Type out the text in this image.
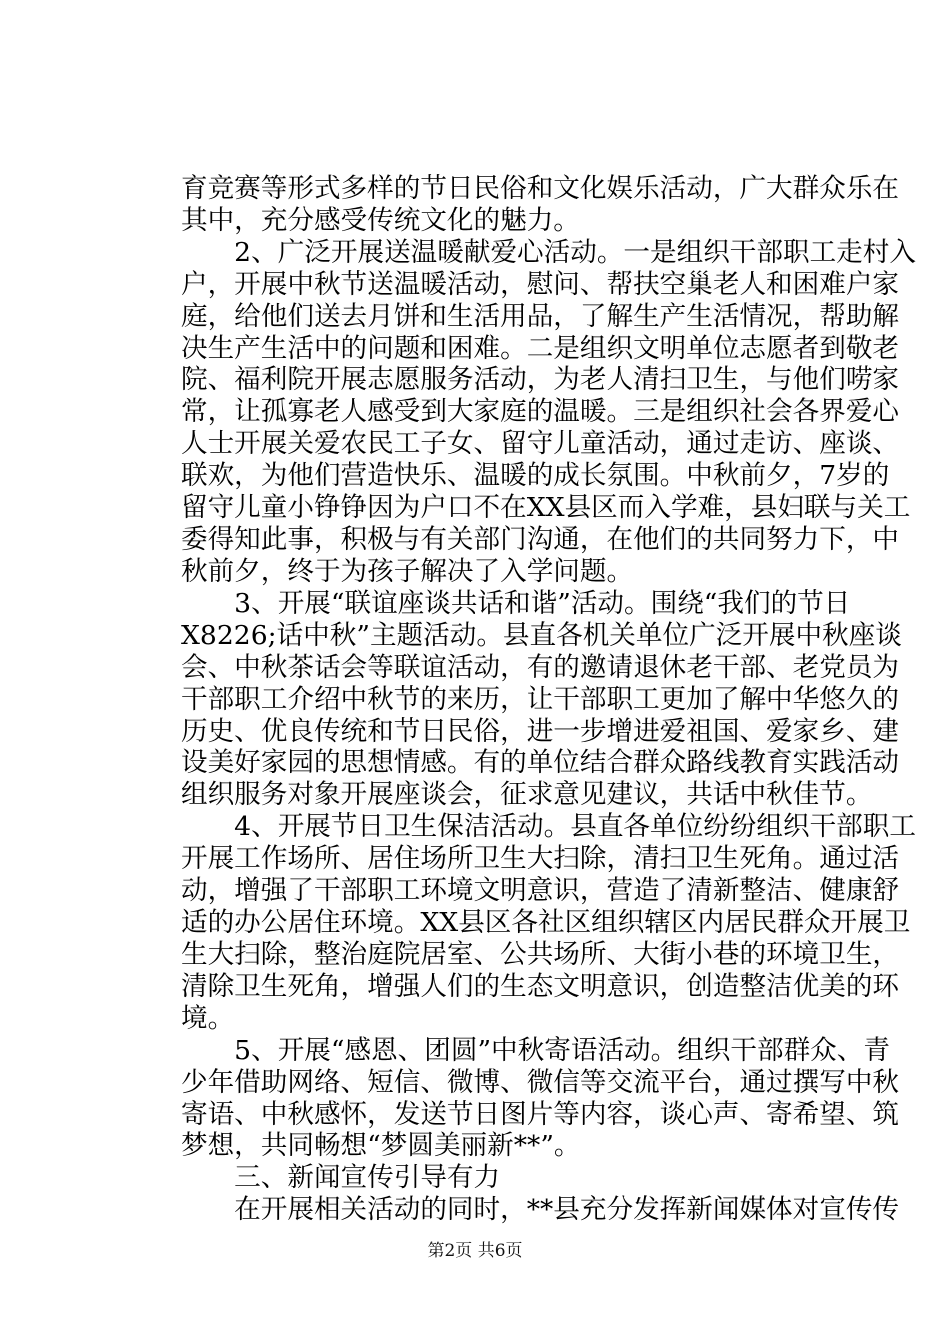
育竞赛等形式多样的节日民俗和文化娱乐活动，广大群众乐在
其中，充分感受传统文化的魅力。
　　2、广泛开展送温暖献爱心活动。一是组织干部职工走村入
户，开展中秋节送温暖活动，慰问、帮扶空巢老人和困难户家
庭，给他们送去月饼和生活用品，了解生产生活情况，帮助解
决生产生活中的问题和困难。二是组织文明单位志愿者到敬老
院、福利院开展志愿服务活动，为老人清扫卫生，与他们唠家
常，让孤寡老人感受到大家庭的温暖。三是组织社会各界爱心
人士开展关爱农民工子女、留守儿童活动，通过走访、座谈、
联欢，为他们营造快乐、温暖的成长氛围。中秋前夕，7岁的
留守儿童小铮铮因为户口不在XX县区而入学难，县妇联与关工
委得知此事，积极与有关部门沟通，在他们的共同努力下，中
秋前夕，终于为孩子解决了入学问题。
　　3、开展“联谊座谈共话和谐”活动。围绕“我们的节日
X8226;话中秋”主题活动。县直各机关单位广泛开展中秋座谈
会、中秋茶话会等联谊活动，有的邀请退休老干部、老党员为
干部职工介绍中秋节的来历，让干部职工更加了解中华悠久的
历史、优良传统和节日民俗，进一步增进爱祖国、爱家乡、建
设美好家园的思想情感。有的单位结合群众路线教育实践活动
组织服务对象开展座谈会，征求意见建议，共话中秋佳节。
　　4、开展节日卫生保洁活动。县直各单位纷纷组织干部职工
开展工作场所、居住场所卫生大扫除，清扫卫生死角。通过活
动，增强了干部职工环境文明意识，营造了清新整洁、健康舒
适的办公居住环境。XX县区各社区组织辖区内居民群众开展卫
生大扫除，整治庭院居室、公共场所、大街小巷的环境卫生，
清除卫生死角，增强人们的生态文明意识，创造整洁优美的环
境。
　　5、开展“感恩、团圆”中秋寄语活动。组织干部群众、青
少年借助网络、短信、微博、微信等交流平台，通过撰写中秋
寄语、中秋感怀，发送节日图片等内容，谈心声、寄希望、筑
梦想，共同畅想“梦圆美丽新**”。
　　三、新闻宣传引导有力
　　在开展相关活动的同时，**县充分发挥新闻媒体对宣传传
第2页 共6页
